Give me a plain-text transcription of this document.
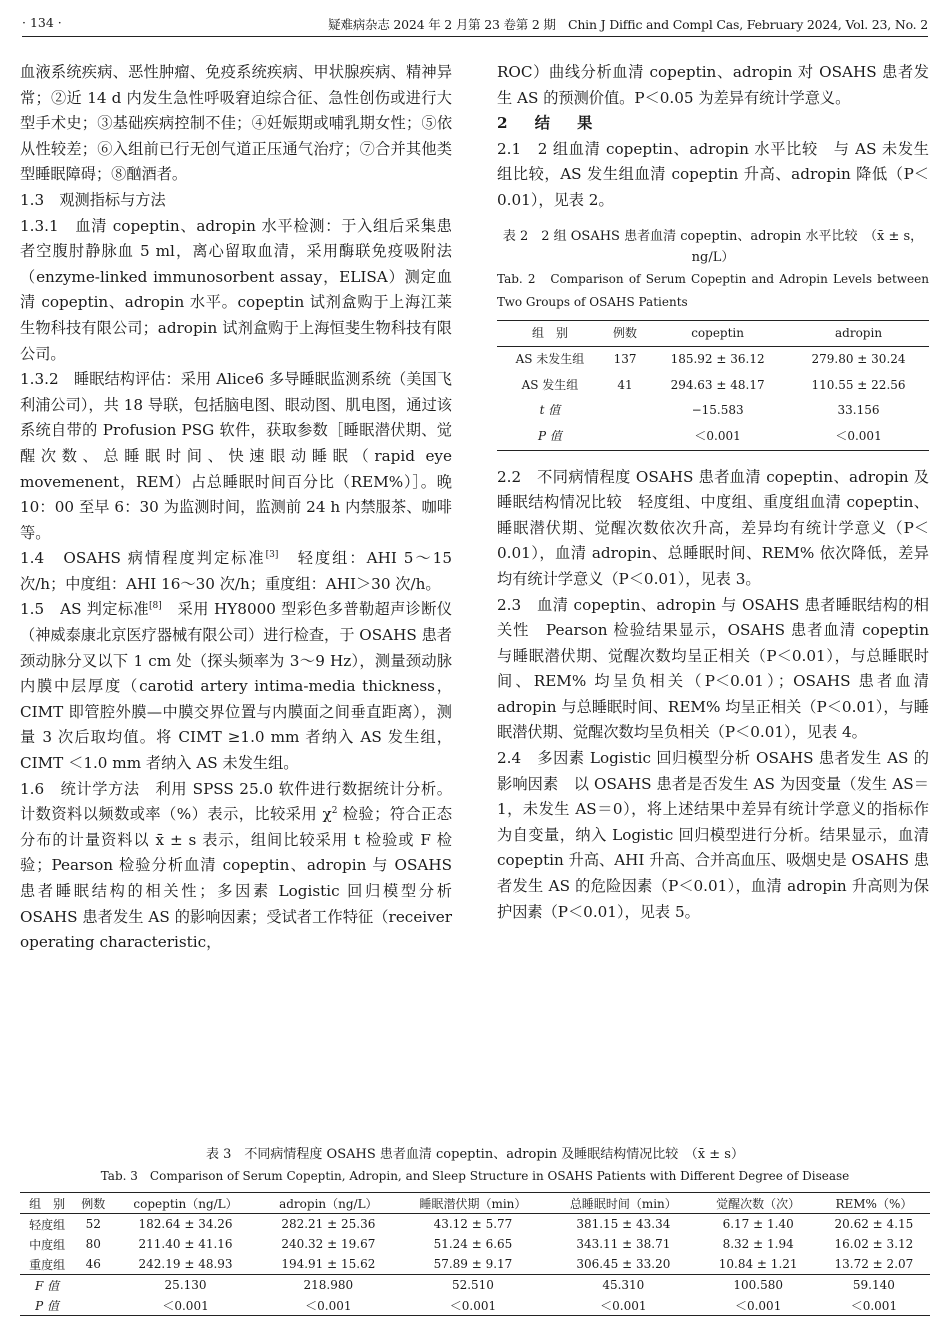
· 134 ·	疑难病杂志 2024 年 2 月第 23 卷第 2 期　Chin J Diffic and Compl Cas, February 2024, Vol. 23, No. 2

血液系统疾病、恶性肿瘤、免疫系统疾病、甲状腺疾病、精神异常；②近 14 d 内发生急性呼吸窘迫综合征、急性创伤或进行大型手术史；③基础疾病控制不佳；④妊娠期或哺乳期女性；⑤依从性较差；⑥入组前已行无创气道正压通气治疗；⑦合并其他类型睡眠障碍；⑧酗酒者。

1.3　观测指标与方法

1.3.1　血清 copeptin、adropin 水平检测：于入组后采集患者空腹肘静脉血 5 ml，离心留取血清，采用酶联免疫吸附法（enzyme-linked immunosorbent assay，ELISA）测定血清 copeptin、adropin 水平。copeptin 试剂盒购于上海江莱生物科技有限公司；adropin 试剂盒购于上海恒斐生物科技有限公司。

1.3.2　睡眠结构评估：采用 Alice6 多导睡眠监测系统（美国飞利浦公司），共 18 导联，包括脑电图、眼动图、肌电图，通过该系统自带的 Profusion PSG 软件，获取参数［睡眠潜伏期、觉醒次数、总睡眠时间、快速眼动睡眠（rapid eye movemenent，REM）占总睡眠时间百分比（REM%）］。晚 10：00 至早 6：30 为监测时间，监测前 24 h 内禁服茶、咖啡等。

1.4　OSAHS 病情程度判定标准[3]　轻度组：AHI 5～15 次/h；中度组：AHI 16～30 次/h；重度组：AHI＞30 次/h。

1.5　AS 判定标准[8]　采用 HY8000 型彩色多普勒超声诊断仪（神威泰康北京医疗器械有限公司）进行检查，于 OSAHS 患者颈动脉分叉以下 1 cm 处（探头频率为 3～9 Hz），测量颈动脉内膜中层厚度（carotid artery intima-media thickness，CIMT 即管腔外膜—中膜交界位置与内膜面之间垂直距离），测量 3 次后取均值。将 CIMT ≥1.0 mm 者纳入 AS 发生组，CIMT ＜1.0 mm 者纳入 AS 未发生组。

1.6　统计学方法　利用 SPSS 25.0 软件进行数据统计分析。计数资料以频数或率（%）表示，比较采用 $\chi^2$ 检验；符合正态分布的计量资料以 x̄ ± s 表示，组间比较采用 t 检验或 F 检验；Pearson 检验分析血清 copeptin、adropin 与 OSAHS 患者睡眠结构的相关性；多因素 Logistic 回归模型分析 OSAHS 患者发生 AS 的影响因素；受试者工作特征（receiver operating characteristic，

ROC）曲线分析血清 copeptin、adropin 对 OSAHS 患者发生 AS 的预测价值。P＜0.05 为差异有统计学意义。

2　结　果

2.1　2 组血清 copeptin、adropin 水平比较　与 AS 未发生组比较，AS 发生组血清 copeptin 升高、adropin 降低（P＜0.01），见表 2。

表 2　2 组 OSAHS 患者血清 copeptin、adropin 水平比较　（x̄ ± s，ng/L）
Tab. 2　Comparison of Serum Copeptin and Adropin Levels between Two Groups of OSAHS Patients
组　别	例数	copeptin	adropin
AS 未发生组	137	185.92 ± 36.12	279.80 ± 30.24
AS 发生组	41	294.63 ± 48.17	110.55 ± 22.56
t 值		−15.583	33.156
P 值		＜0.001	＜0.001

2.2　不同病情程度 OSAHS 患者血清 copeptin、adropin 及睡眠结构情况比较　轻度组、中度组、重度组血清 copeptin、睡眠潜伏期、觉醒次数依次升高，差异均有统计学意义（P＜0.01），血清 adropin、总睡眠时间、REM% 依次降低，差异均有统计学意义（P＜0.01），见表 3。

2.3　血清 copeptin、adropin 与 OSAHS 患者睡眠结构的相关性　Pearson 检验结果显示，OSAHS 患者血清 copeptin 与睡眠潜伏期、觉醒次数均呈正相关（P＜0.01），与总睡眠时间、REM% 均呈负相关（P＜0.01）；OSAHS 患者血清 adropin 与总睡眠时间、REM% 均呈正相关（P＜0.01），与睡眠潜伏期、觉醒次数均呈负相关（P＜0.01），见表 4。

2.4　多因素 Logistic 回归模型分析 OSAHS 患者发生 AS 的影响因素　以 OSAHS 患者是否发生 AS 为因变量（发生 AS＝1，未发生 AS＝0），将上述结果中差异有统计学意义的指标作为自变量，纳入 Logistic 回归模型进行分析。结果显示，血清 copeptin 升高、AHI 升高、合并高血压、吸烟史是 OSAHS 患者发生 AS 的危险因素（P＜0.01），血清 adropin 升高则为保护因素（P＜0.01），见表 5。

表 3　不同病情程度 OSAHS 患者血清 copeptin、adropin 及睡眠结构情况比较　（x̄ ± s）
Tab. 3　Comparison of Serum Copeptin, Adropin, and Sleep Structure in OSAHS Patients with Different Degree of Disease
组　别	例数	copeptin（ng/L）	adropin（ng/L）	睡眠潜伏期（min）	总睡眠时间（min）	觉醒次数（次）	REM%（%）
轻度组	52	182.64 ± 34.26	282.21 ± 25.36	43.12 ± 5.77	381.15 ± 43.34	6.17 ± 1.40	20.62 ± 4.15
中度组	80	211.40 ± 41.16	240.32 ± 19.67	51.24 ± 6.65	343.11 ± 38.71	8.32 ± 1.94	16.02 ± 3.12
重度组	46	242.19 ± 48.93	194.91 ± 15.62	57.89 ± 9.17	306.45 ± 33.20	10.84 ± 1.21	13.72 ± 2.07
F 值		25.130	218.980	52.510	45.310	100.580	59.140
P 值		＜0.001	＜0.001	＜0.001	＜0.001	＜0.001	＜0.001
